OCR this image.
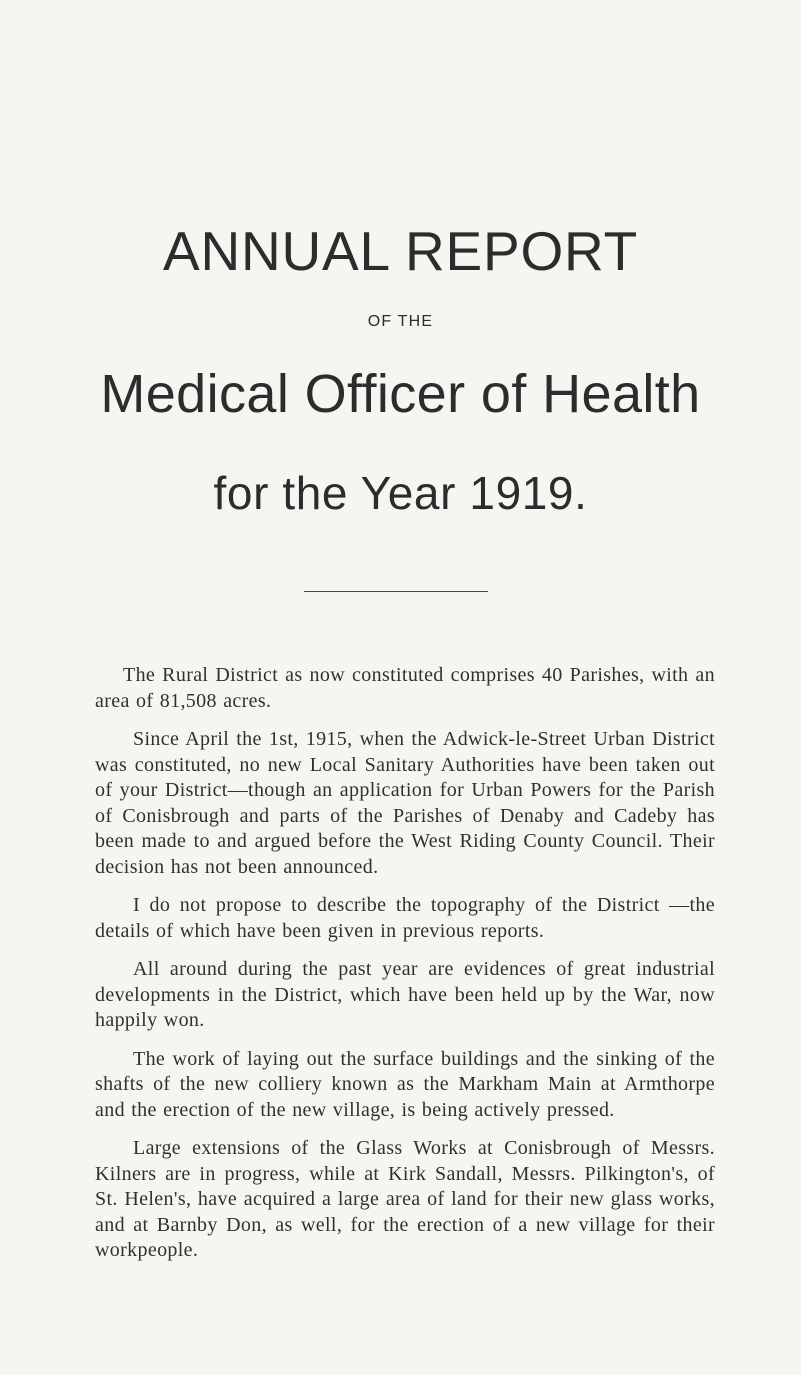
ANNUAL REPORT
OF THE
Medical Officer of Health
for the Year 1919.

The Rural District as now constituted comprises 40 Parishes, with an area of 81,508 acres.

Since April the 1st, 1915, when the Adwick-le-Street Urban District was constituted, no new Local Sanitary Authorities have been taken out of your District—though an application for Urban Powers for the Parish of Conisbrough and parts of the Parishes of Denaby and Cadeby has been made to and argued before the West Riding County Council. Their decision has not been announced.

I do not propose to describe the topography of the District —the details of which have been given in previous reports.

All around during the past year are evidences of great industrial developments in the District, which have been held up by the War, now happily won.

The work of laying out the surface buildings and the sinking of the shafts of the new colliery known as the Markham Main at Armthorpe and the erection of the new village, is being actively pressed.

Large extensions of the Glass Works at Conisbrough of Messrs. Kilners are in progress, while at Kirk Sandall, Messrs. Pilkington's, of St. Helen's, have acquired a large area of land for their new glass works, and at Barnby Don, as well, for the erection of a new village for their workpeople.
